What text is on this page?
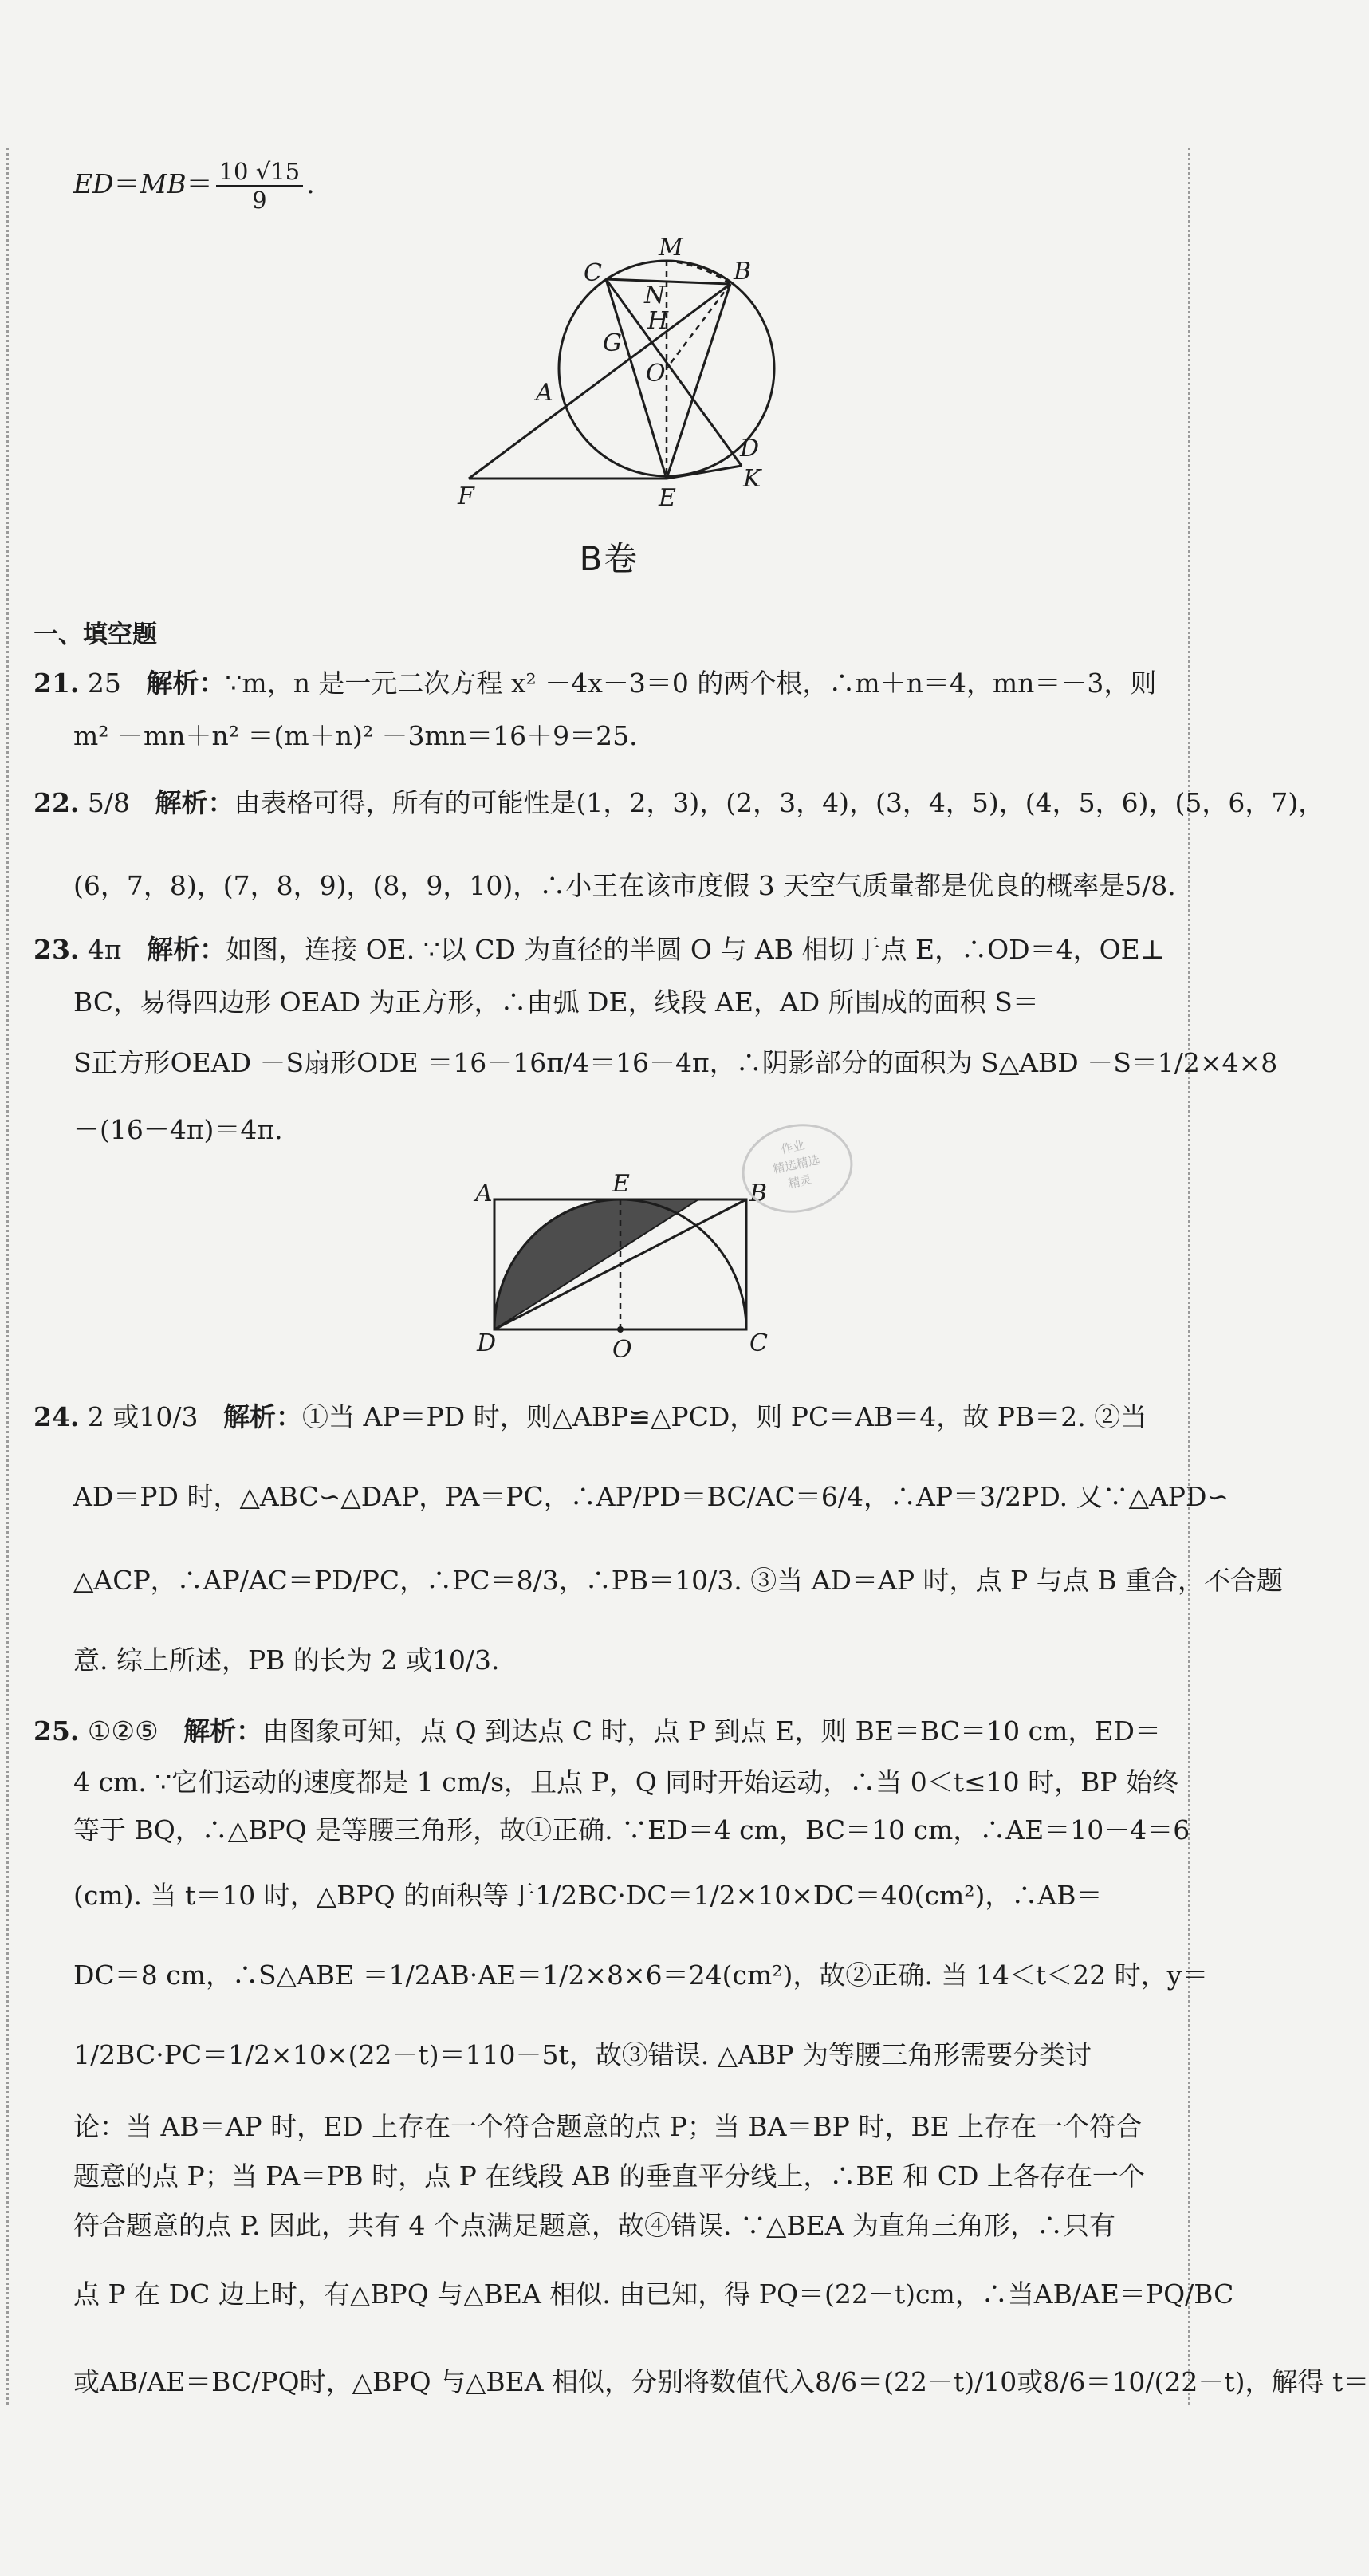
$ED=MB= \frac{10 √15}{9}$ .
M
B
C
N
H
G
O
A
D
F	E
K
B卷
一、填空题
21. 25 解析：∵m，n 是一元二次方程 x² －4x－3＝0 的两个根，∴m＋n＝4，mn＝－3，则
m² －mn＋n² ＝(m＋n)² －3mn＝16＋9＝25.
22. 5/8 解析：由表格可得，所有的可能性是(1，2，3)，(2，3，4)，(3，4，5)，(4，5，6)，(5，6，7)，
(6，7，8)，(7，8，9)，(8，9，10)，∴小王在该市度假 3 天空气质量都是优良的概率是5/8.
23. 4π 解析：如图，连接 OE. ∵以 CD 为直径的半圆 O 与 AB 相切于点 E，∴OD＝4，OE⊥
BC，易得四边形 OEAD 为正方形，∴由弧 DE，线段 AE，AD 所围成的面积 S＝
S正方形OEAD －S扇形ODE ＝16－16π/4＝16－4π，∴阴影部分的面积为 S△ABD －S＝1/2×4×8
－(16－4π)＝4π.
A	E	B
D	O	C
作业
精选精选
精灵
24. 2 或10/3 解析：①当 AP＝PD 时，则△ABP≌△PCD，则 PC＝AB＝4，故 PB＝2. ②当
AD＝PD 时，△ABC∽△DAP，PA＝PC，∴AP/PD＝BC/AC＝6/4，∴AP＝3/2PD. 又∵△APD∽
△ACP，∴AP/AC＝PD/PC，∴PC＝8/3，∴PB＝10/3. ③当 AD＝AP 时，点 P 与点 B 重合，不合题
意. 综上所述，PB 的长为 2 或10/3.
25. ①②⑤ 解析：由图象可知，点 Q 到达点 C 时，点 P 到点 E，则 BE＝BC＝10 cm，ED＝
4 cm. ∵它们运动的速度都是 1 cm/s，且点 P，Q 同时开始运动，∴当 0＜t≤10 时，BP 始终
等于 BQ，∴△BPQ 是等腰三角形，故①正确. ∵ED＝4 cm，BC＝10 cm，∴AE＝10－4＝6
(cm). 当 t＝10 时，△BPQ 的面积等于1/2BC·DC＝1/2×10×DC＝40(cm²)，∴AB＝
DC＝8 cm，∴S△ABE ＝1/2AB·AE＝1/2×8×6＝24(cm²)，故②正确. 当 14＜t＜22 时，y＝
1/2BC·PC＝1/2×10×(22－t)＝110－5t，故③错误. △ABP 为等腰三角形需要分类讨
论：当 AB＝AP 时，ED 上存在一个符合题意的点 P；当 BA＝BP 时，BE 上存在一个符合
题意的点 P；当 PA＝PB 时，点 P 在线段 AB 的垂直平分线上，∴BE 和 CD 上各存在一个
符合题意的点 P. 因此，共有 4 个点满足题意，故④错误. ∵△BEA 为直角三角形，∴只有
点 P 在 DC 边上时，有△BPQ 与△BEA 相似. 由已知，得 PQ＝(22－t)cm，∴当AB/AE＝PQ/BC
或AB/AE＝BC/PQ时，△BPQ 与△BEA 相似，分别将数值代入8/6＝(22－t)/10或8/6＝10/(22－t)，解得 t＝
